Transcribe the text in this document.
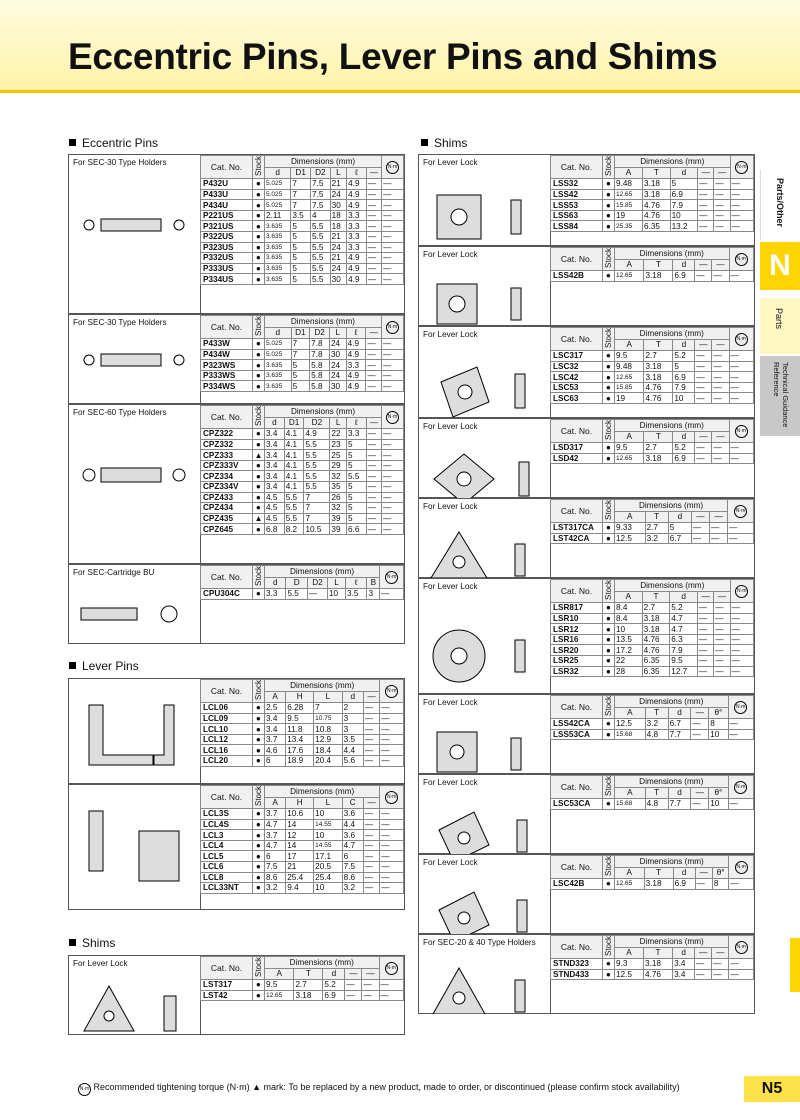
Eccentric Pins, Lever Pins and Shims
Parts/Other
N
Parts
Technical Guidance Reference
Eccentric Pins
Lever Pins
Shims
Shims
For SEC-30 Type Holders	Cat. No.	Stock	Dimensions (mm)						N·m
		d	D1	D2	L	ℓ	—	
P432U	●	5.025	7	7.5	21	4.9	—	—
P433U	●	5.025	7	7.5	24	4.9	—	—
P434U	●	5.025	7	7.5	30	4.9	—	—
P221US	●	2.11	3.5	4	18	3.3	—	—
P321US	●	3.635	5	5.5	18	3.3	—	—
P322US	●	3.635	5	5.5	21	3.3	—	—
P323US	●	3.635	5	5.5	24	3.3	—	—
P332US	●	3.635	5	5.5	21	4.9	—	—
P333US	●	3.635	5	5.5	24	4.9	—	—
P334US	●	3.635	5	5.5	30	4.9	—	—
For SEC-30 Type Holders	Cat. No.	Stock	Dimensions (mm)						N·m
		d	D1	D2	L	ℓ	—	
P433W	●	5.025	7	7.8	24	4.9	—	—
P434W	●	5.025	7	7.8	30	4.9	—	—
P323WS	●	3.635	5	5.8	24	3.3	—	—
P333WS	●	3.635	5	5.8	24	4.9	—	—
P334WS	●	3.635	5	5.8	30	4.9	—	—
For SEC-60 Type Holders	Cat. No.	Stock	Dimensions (mm)						N·m
		d	D1	D2	L	ℓ	—	
CPZ322	●	3.4	4.1	4.9	22	3.3	—	—
CPZ332	●	3.4	4.1	5.5	23	5	—	—
CPZ333	▲	3.4	4.1	5.5	25	5	—	—
CPZ333V	●	3.4	4.1	5.5	29	5	—	—
CPZ334	●	3.4	4.1	5.5	32	5.5	—	—
CPZ334V	●	3.4	4.1	5.5	35	5	—	—
CPZ433	●	4.5	5.5	7	26	5	—	—
CPZ434	●	4.5	5.5	7	32	5	—	—
CPZ435	▲	4.5	5.5	7	39	5	—	—
CPZ645	●	6.8	8.2	10.5	39	6.6	—	—
For SEC-Cartridge BU	Cat. No.	Stock	Dimensions (mm)						N·m
		d	D	D2	L	ℓ	B	
CPU304C	●	3.3	5.5	—	10	3.5	3	—
Cat. No.	Stock	Dimensions (mm)					N·m
		A	H	L	d	—	
LCL06	●	2.5	6.28	7	2	—	—
LCL09	●	3.4	9.5	10.75	3	—	—
LCL10	●	3.4	11.8	10.8	3	—	—
LCL12	●	3.7	13.4	12.9	3.5	—	—
LCL16	●	4.6	17.6	18.4	4.4	—	—
LCL20	●	6	18.9	20.4	5.6	—	—
Cat. No.	Stock	Dimensions (mm)					N·m
		A	H	L	C	—	
LCL3S	●	3.7	10.6	10	3.6	—	—
LCL4S	●	4.7	14	14.55	4.4	—	—
LCL3	●	3.7	12	10	3.6	—	—
LCL4	●	4.7	14	14.55	4.7	—	—
LCL5	●	6	17	17.1	6	—	—
LCL6	●	7.5	21	20.5	7.5	—	—
LCL8	●	8.6	25.4	25.4	8.6	—	—
LCL33NT	●	3.2	9.4	10	3.2	—	—
For Lever Lock	Cat. No.	Stock	Dimensions (mm)					N·m
		A	T	d	—	—	
LST317	●	9.5	2.7	5.2	—	—	—
LST42	●	12.65	3.18	6.9	—	—	—
For Lever Lock	Cat. No.	Stock	Dimensions (mm)					N·m
		A	T	d	—	—	
LSS32	●	9.48	3.18	5	—	—	—
LSS42	●	12.65	3.18	6.9	—	—	—
LSS53	●	15.85	4.76	7.9	—	—	—
LSS63	●	19	4.76	10	—	—	—
LSS84	●	25.35	6.35	13.2	—	—	—
For Lever Lock	Cat. No.	Stock	Dimensions (mm)					N·m
		A	T	d	—	—	
LSS42B	●	12.65	3.18	6.9	—	—	—
For Lever Lock	Cat. No.	Stock	Dimensions (mm)					N·m
		A	T	d	—	—	
LSC317	●	9.5	2.7	5.2	—	—	—
LSC32	●	9.48	3.18	5	—	—	—
LSC42	●	12.65	3.18	6.9	—	—	—
LSC53	●	15.85	4.76	7.9	—	—	—
LSC63	●	19	4.76	10	—	—	—
For Lever Lock	Cat. No.	Stock	Dimensions (mm)					N·m
		A	T	d	—	—	
LSD317	●	9.5	2.7	5.2	—	—	—
LSD42	●	12.65	3.18	6.9	—	—	—
For Lever Lock	Cat. No.	Stock	Dimensions (mm)					N·m
		A	T	d	—	—	
LST317CA	●	9.33	2.7	5	—	—	—
LST42CA	●	12.5	3.2	6.7	—	—	—
For Lever Lock	Cat. No.	Stock	Dimensions (mm)					N·m
		A	T	d	—	—	
LSR817	●	8.4	2.7	5.2	—	—	—
LSR10	●	8.4	3.18	4.7	—	—	—
LSR12	●	10	3.18	4.7	—	—	—
LSR16	●	13.5	4.76	6.3	—	—	—
LSR20	●	17.2	4.76	7.9	—	—	—
LSR25	●	22	6.35	9.5	—	—	—
LSR32	●	28	6.35	12.7	—	—	—
For Lever Lock	Cat. No.	Stock	Dimensions (mm)					N·m
		A	T	d	—	θ°	
LSS42CA	●	12.5	3.2	6.7	—	8	—
LSS53CA	●	15.68	4.8	7.7	—	10	—
For Lever Lock	Cat. No.	Stock	Dimensions (mm)					N·m
		A	T	d	—	θ°	
LSC53CA	●	15.68	4.8	7.7	—	10	—
For Lever Lock	Cat. No.	Stock	Dimensions (mm)					N·m
		A	T	d	—	θ°	
LSC42B	●	12.65	3.18	6.9	—	8	—
For SEC-20 & 40 Type Holders	Cat. No.	Stock	Dimensions (mm)					N·m
		A	T	d	—	—	
STND323	●	9.3	3.18	3.4	—	—	—
STND433	●	12.5	4.76	3.4	—	—	—
N·m Recommended tightening torque (N·m) ▲ mark: To be replaced by a new product, made to order, or discontinued (please confirm stock availability)	N5
